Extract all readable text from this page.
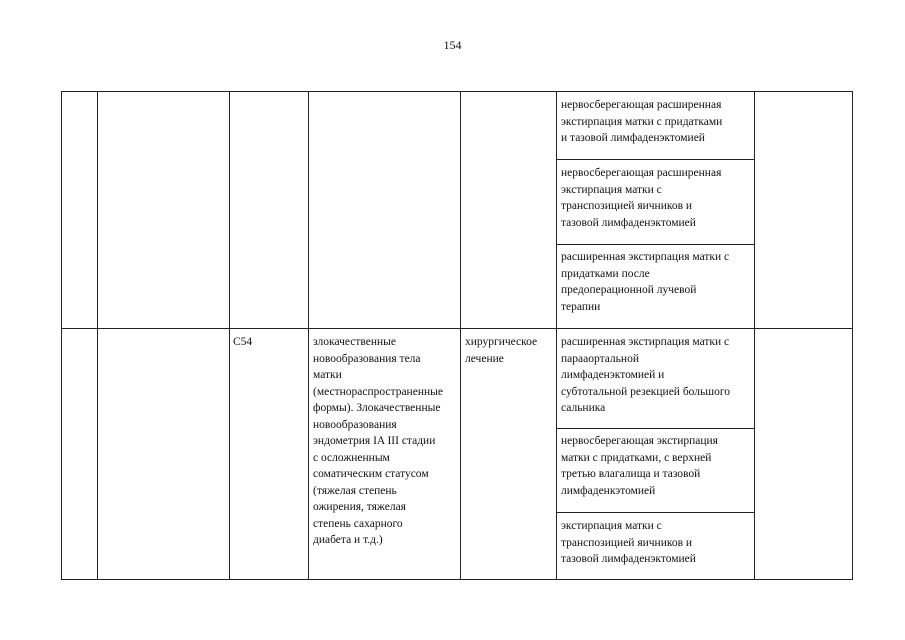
154
нервосберегающая расширенная
экстирпация матки с придатками
и тазовой лимфаденэктомией
нервосберегающая расширенная
экстирпация матки с
транспозицией яичников и
тазовой лимфаденэктомией
расширенная экстирпация матки с
придатками после
предоперационной лучевой
терапии
C54	злокачественные
новообразования тела
матки
(местнораспространенные
формы). Злокачественные
новообразования
эндометрия IA III стадии
с осложненным
соматическим статусом
(тяжелая степень
ожирения, тяжелая
степень сахарного
диабета и т.д.)
хирургическое
лечение
расширенная экстирпация матки с
парааортальной
лимфаденэктомией и
субтотальной резекцией большого
сальника
нервосберегающая экстирпация
матки с придатками, с верхней
третью влагалища и тазовой
лимфаденкэтомией
экстирпация матки с
транспозицией яичников и
тазовой лимфаденэктомией
